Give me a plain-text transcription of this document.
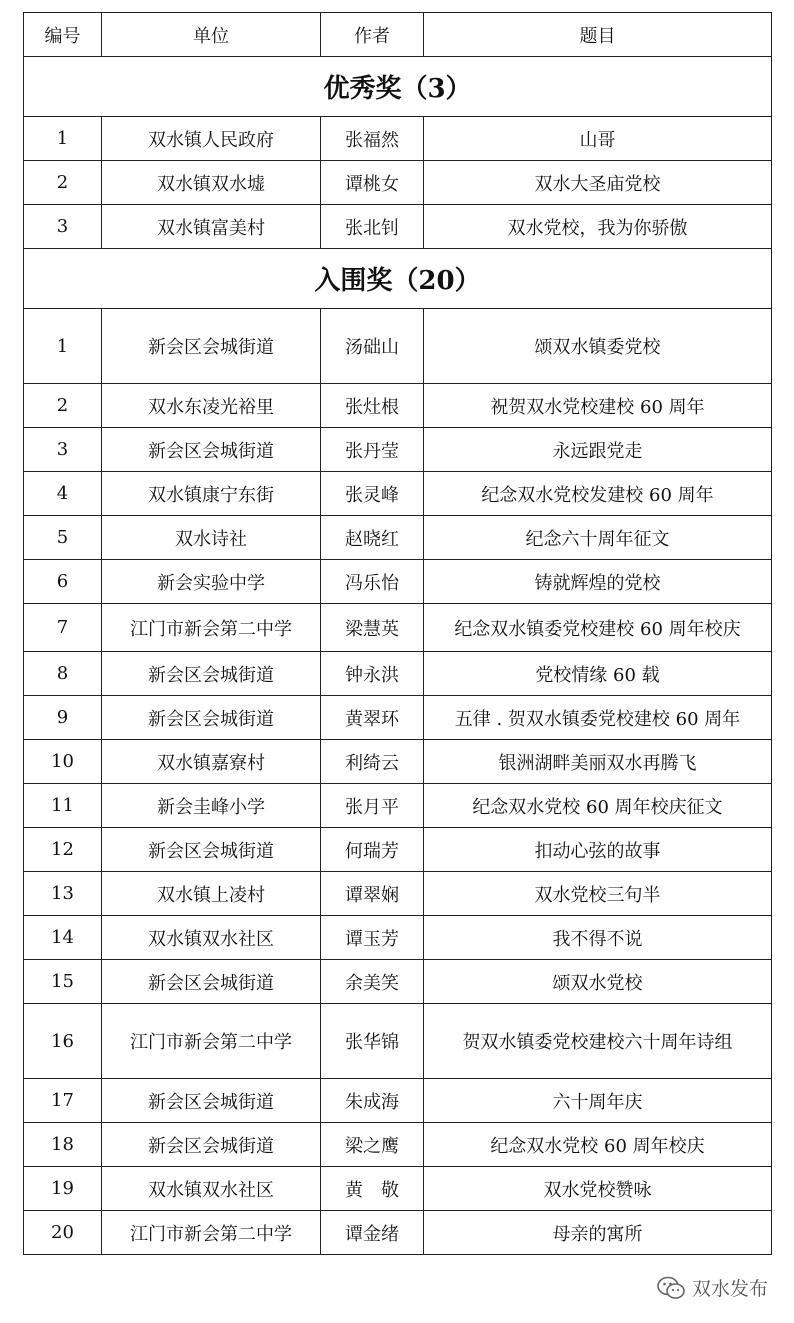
编号	单位	作者	题目
优秀奖（3）			
1	双水镇人民政府	张福然	山哥
2	双水镇双水墟	谭桃女	双水大圣庙党校
3	双水镇富美村	张北钊	双水党校，我为你骄傲
入围奖（20）			
1	新会区会城街道	汤础山	颂双水镇委党校
2	双水东凌光裕里	张灶根	祝贺双水党校建校 60 周年
3	新会区会城街道	张丹莹	永远跟党走
4	双水镇康宁东街	张灵峰	纪念双水党校发建校 60 周年
5	双水诗社	赵晓红	纪念六十周年征文
6	新会实验中学	冯乐怡	铸就辉煌的党校
7	江门市新会第二中学	梁慧英	纪念双水镇委党校建校 60 周年校庆
8	新会区会城街道	钟永洪	党校情缘 60 载
9	新会区会城街道	黄翠环	五律 . 贺双水镇委党校建校 60 周年
10	双水镇嘉寮村	利绮云	银洲湖畔美丽双水再腾飞
11	新会圭峰小学	张月平	纪念双水党校 60 周年校庆征文
12	新会区会城街道	何瑞芳	扣动心弦的故事
13	双水镇上凌村	谭翠娴	双水党校三句半
14	双水镇双水社区	谭玉芳	我不得不说
15	新会区会城街道	余美笑	颂双水党校
16	江门市新会第二中学	张华锦	贺双水镇委党校建校六十周年诗组
17	新会区会城街道	朱成海	六十周年庆
18	新会区会城街道	梁之鹰	纪念双水党校 60 周年校庆
19	双水镇双水社区	黄　敬	双水党校赞咏
20	江门市新会第二中学	谭金绪	母亲的寓所
双水发布
